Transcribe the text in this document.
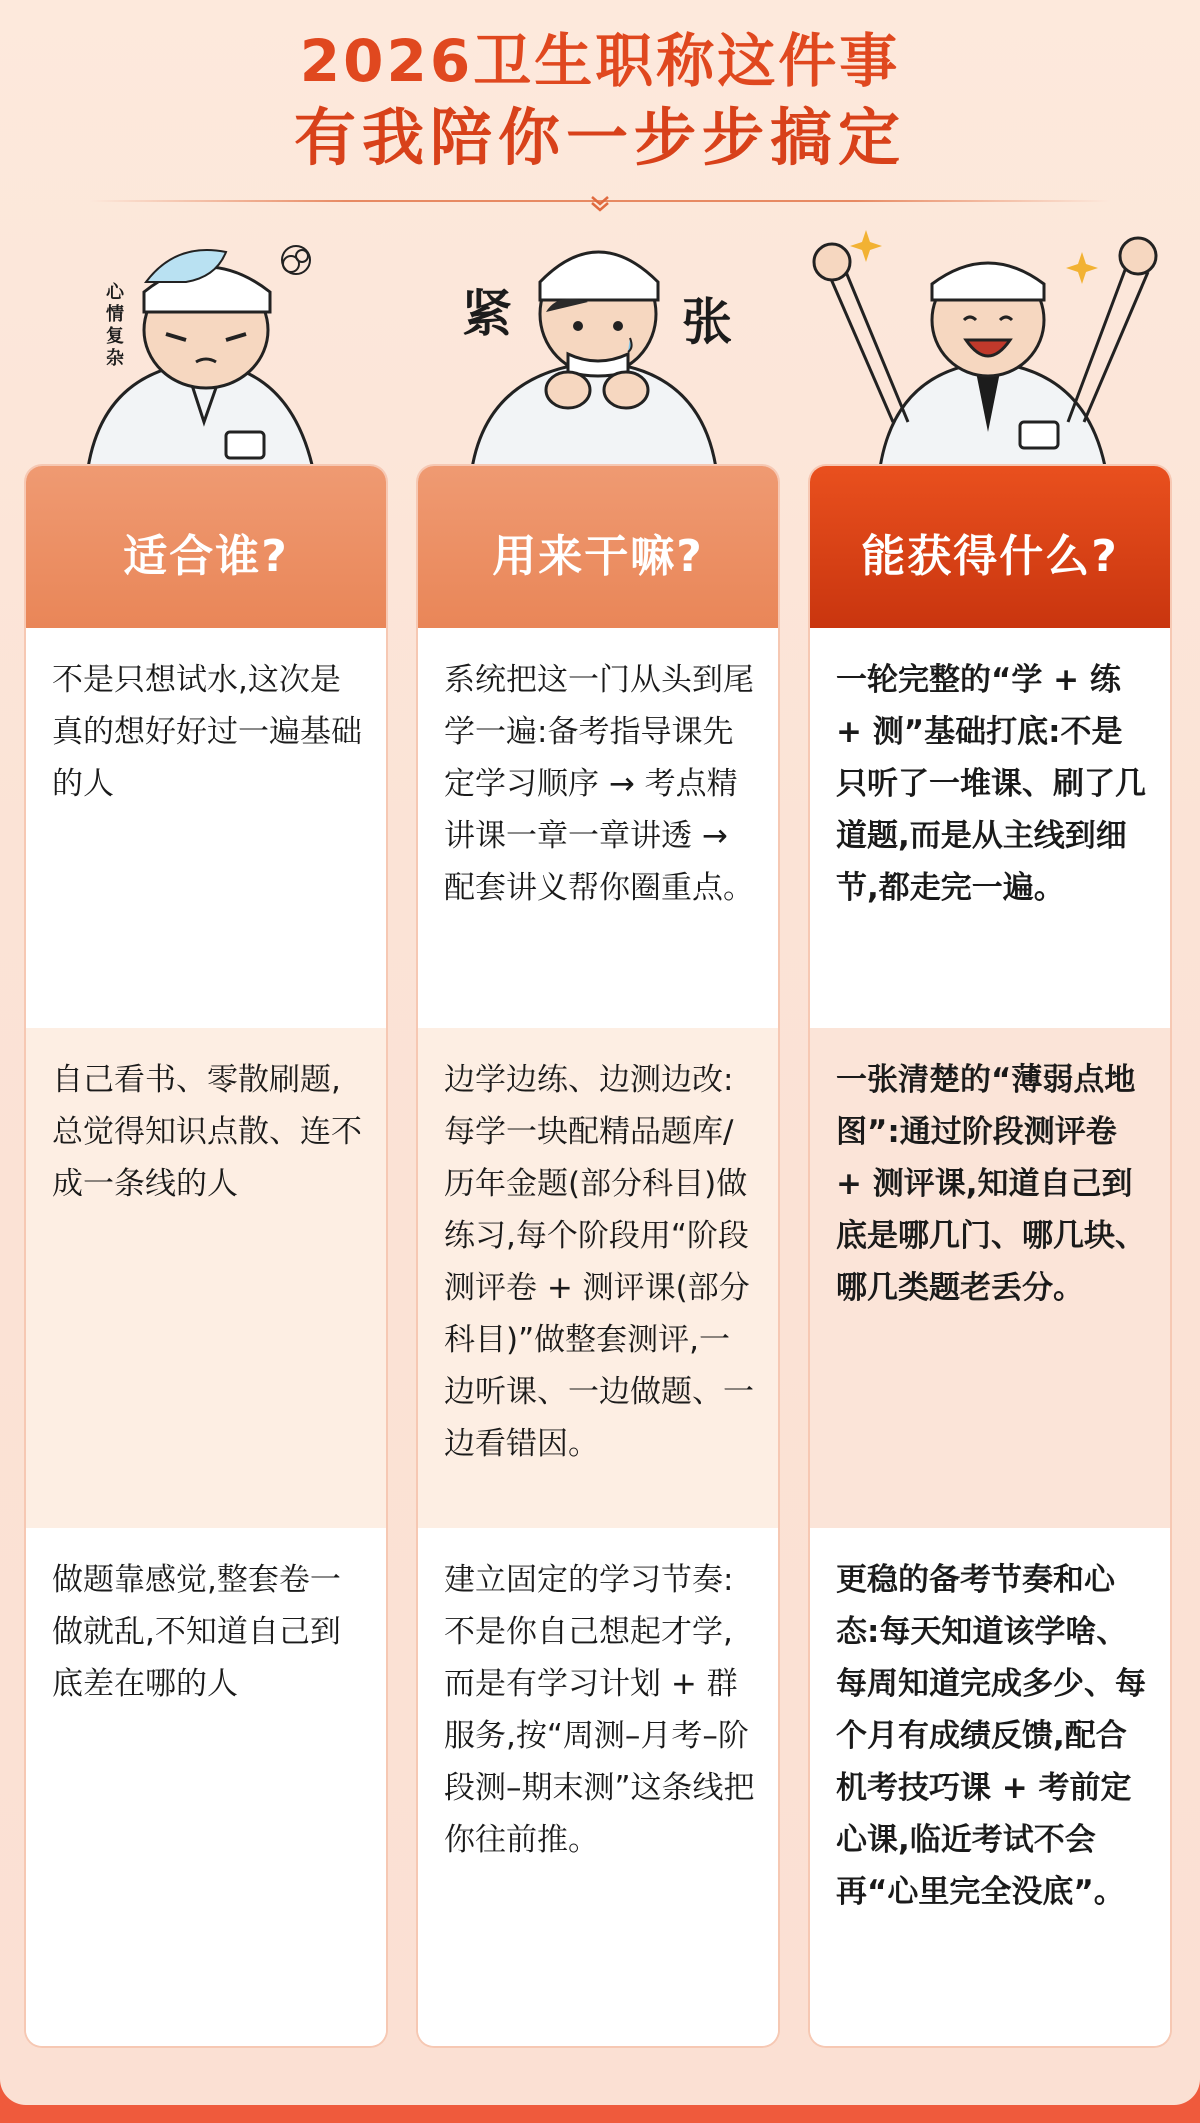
2026卫生职称这件事
有我陪你一步步搞定
心情复杂
紧	张
适合谁?
不是只想试水,这次是真的想好好过一遍基础的人
自己看书、零散刷题,总觉得知识点散、连不成一条线的人
做题靠感觉,整套卷一做就乱,不知道自己到底差在哪的人
用来干嘛?
系统把这一门从头到尾学一遍:备考指导课先定学习顺序 → 考点精讲课一章一章讲透 → 配套讲义帮你圈重点。
边学边练、边测边改:每学一块配精品题库/历年金题(部分科目)做练习,每个阶段用“阶段测评卷 + 测评课(部分科目)”做整套测评,一边听课、一边做题、一边看错因。
建立固定的学习节奏:不是你自己想起才学,而是有学习计划 + 群服务,按“周测–月考–阶段测–期末测”这条线把你往前推。
能获得什么?
一轮完整的“学 + 练 + 测”基础打底:不是只听了一堆课、刷了几道题,而是从主线到细节,都走完一遍。
一张清楚的“薄弱点地图”:通过阶段测评卷 + 测评课,知道自己到底是哪几门、哪几块、哪几类题老丢分。
更稳的备考节奏和心态:每天知道该学啥、每周知道完成多少、每个月有成绩反馈,配合机考技巧课 + 考前定心课,临近考试不会再“心里完全没底”。
